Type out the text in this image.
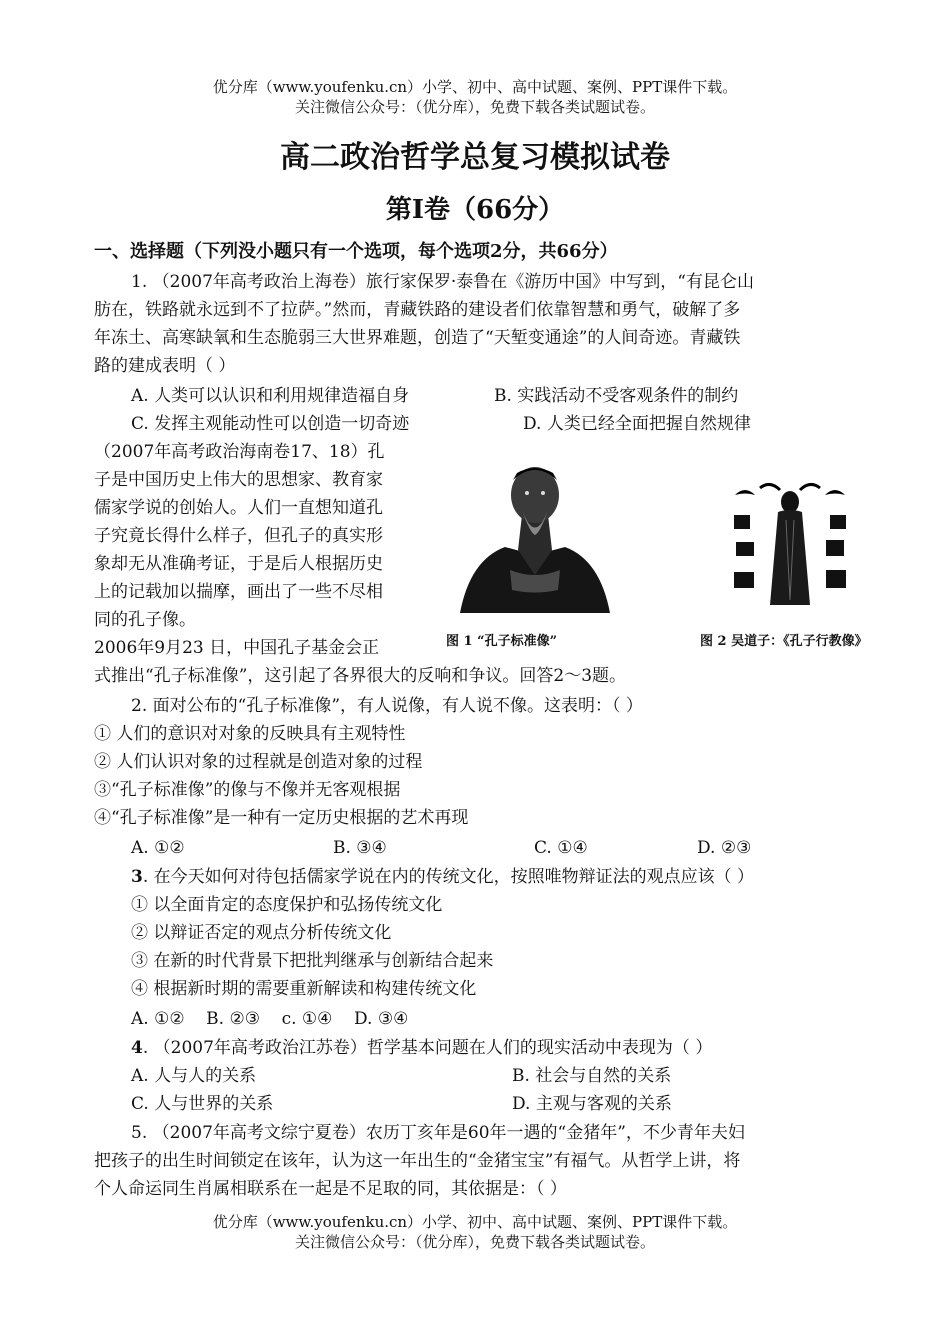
优分库（www.youfenku.cn）小学、初中、高中试题、案例、PPT课件下载。
关注微信公众号：（优分库），免费下载各类试题试卷。
高二政治哲学总复习模拟试卷
第Ⅰ卷（66分）
一、选择题（下列没小题只有一个选项，每个选项2分，共66分）
1. （2007年高考政治上海卷）旅行家保罗·泰鲁在《游历中国》中写到，“有昆仑山
肪在，铁路就永远到不了拉萨。”然而，青藏铁路的建设者们依靠智慧和勇气，破解了多
年冻土、高寒缺氧和生态脆弱三大世界难题，创造了“天堑变通途”的人间奇迹。青藏铁
路的建成表明（ ）
A. 人类可以认识和利用规律造福自身	B. 实践活动不受客观条件的制约
C. 发挥主观能动性可以创造一切奇迹	D. 人类已经全面把握自然规律
（2007年高考政治海南卷17、18）孔
子是中国历史上伟大的思想家、教育家
儒家学说的创始人。人们一直想知道孔
子究竟长得什么样子，但孔子的真实形
象却无从准确考证，于是后人根据历史
上的记载加以揣摩，画出了一些不尽相
同的孔子像。
2006年9月23 日，中国孔子基金会正
式推出“孔子标准像”，这引起了各界很大的反响和争议。回答2～3题。
图 1 “孔子标准像”	图 2 吴道子：《孔子行教像》
2. 面对公布的“孔子标准像”，有人说像，有人说不像。这表明：（ ）
① 人们的意识对对象的反映具有主观特性
② 人们认识对象的过程就是创造对象的过程
③“孔子标准像”的像与不像并无客观根据
④“孔子标准像”是一种有一定历史根据的艺术再现
A. ①②	B. ③④	C. ①④	D. ②③
3. 在今天如何对待包括儒家学说在内的传统文化，按照唯物辩证法的观点应该（ ）
① 以全面肯定的态度保护和弘扬传统文化
② 以辩证否定的观点分析传统文化
③ 在新的时代背景下把批判继承与创新结合起来
④ 根据新时期的需要重新解读和构建传统文化
A. ①②    B. ②③    c. ①④    D. ③④
4. （2007年高考政治江苏卷）哲学基本问题在人们的现实活动中表现为（ ）
A. 人与人的关系	B. 社会与自然的关系
C. 人与世界的关系	D. 主观与客观的关系
5. （2007年高考文综宁夏卷）农历丁亥年是60年一遇的“金猪年”，不少青年夫妇
把孩子的出生时间锁定在该年，认为这一年出生的“金猪宝宝”有福气。从哲学上讲，将
个人命运同生肖属相联系在一起是不足取的同，其依据是：（ ）
优分库（www.youfenku.cn）小学、初中、高中试题、案例、PPT课件下载。
关注微信公众号：（优分库），免费下载各类试题试卷。
